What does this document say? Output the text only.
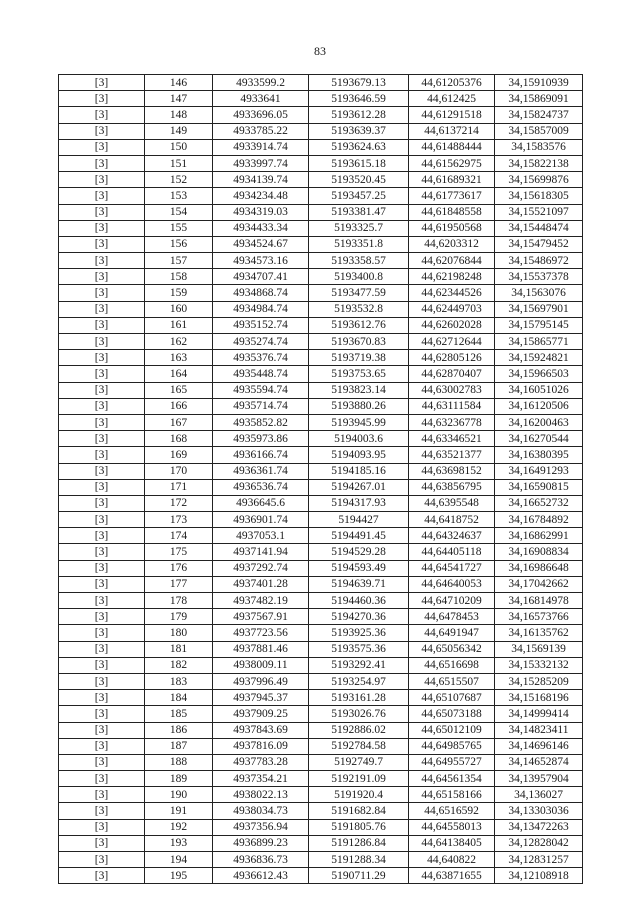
83
[3]	146	4933599.2	5193679.13	44,61205376	34,15910939
[3]	147	4933641	5193646.59	44,612425	34,15869091
[3]	148	4933696.05	5193612.28	44,61291518	34,15824737
[3]	149	4933785.22	5193639.37	44,6137214	34,15857009
[3]	150	4933914.74	5193624.63	44,61488444	34,1583576
[3]	151	4933997.74	5193615.18	44,61562975	34,15822138
[3]	152	4934139.74	5193520.45	44,61689321	34,15699876
[3]	153	4934234.48	5193457.25	44,61773617	34,15618305
[3]	154	4934319.03	5193381.47	44,61848558	34,15521097
[3]	155	4934433.34	5193325.7	44,61950568	34,15448474
[3]	156	4934524.67	5193351.8	44,6203312	34,15479452
[3]	157	4934573.16	5193358.57	44,62076844	34,15486972
[3]	158	4934707.41	5193400.8	44,62198248	34,15537378
[3]	159	4934868.74	5193477.59	44,62344526	34,1563076
[3]	160	4934984.74	5193532.8	44,62449703	34,15697901
[3]	161	4935152.74	5193612.76	44,62602028	34,15795145
[3]	162	4935274.74	5193670.83	44,62712644	34,15865771
[3]	163	4935376.74	5193719.38	44,62805126	34,15924821
[3]	164	4935448.74	5193753.65	44,62870407	34,15966503
[3]	165	4935594.74	5193823.14	44,63002783	34,16051026
[3]	166	4935714.74	5193880.26	44,63111584	34,16120506
[3]	167	4935852.82	5193945.99	44,63236778	34,16200463
[3]	168	4935973.86	5194003.6	44,63346521	34,16270544
[3]	169	4936166.74	5194093.95	44,63521377	34,16380395
[3]	170	4936361.74	5194185.16	44,63698152	34,16491293
[3]	171	4936536.74	5194267.01	44,63856795	34,16590815
[3]	172	4936645.6	5194317.93	44,6395548	34,16652732
[3]	173	4936901.74	5194427	44,6418752	34,16784892
[3]	174	4937053.1	5194491.45	44,64324637	34,16862991
[3]	175	4937141.94	5194529.28	44,64405118	34,16908834
[3]	176	4937292.74	5194593.49	44,64541727	34,16986648
[3]	177	4937401.28	5194639.71	44,64640053	34,17042662
[3]	178	4937482.19	5194460.36	44,64710209	34,16814978
[3]	179	4937567.91	5194270.36	44,6478453	34,16573766
[3]	180	4937723.56	5193925.36	44,6491947	34,16135762
[3]	181	4937881.46	5193575.36	44,65056342	34,1569139
[3]	182	4938009.11	5193292.41	44,6516698	34,15332132
[3]	183	4937996.49	5193254.97	44,6515507	34,15285209
[3]	184	4937945.37	5193161.28	44,65107687	34,15168196
[3]	185	4937909.25	5193026.76	44,65073188	34,14999414
[3]	186	4937843.69	5192886.02	44,65012109	34,14823411
[3]	187	4937816.09	5192784.58	44,64985765	34,14696146
[3]	188	4937783.28	5192749.7	44,64955727	34,14652874
[3]	189	4937354.21	5192191.09	44,64561354	34,13957904
[3]	190	4938022.13	5191920.4	44,65158166	34,136027
[3]	191	4938034.73	5191682.84	44,6516592	34,13303036
[3]	192	4937356.94	5191805.76	44,64558013	34,13472263
[3]	193	4936899.23	5191286.84	44,64138405	34,12828042
[3]	194	4936836.73	5191288.34	44,640822	34,12831257
[3]	195	4936612.43	5190711.29	44,63871655	34,12108918
